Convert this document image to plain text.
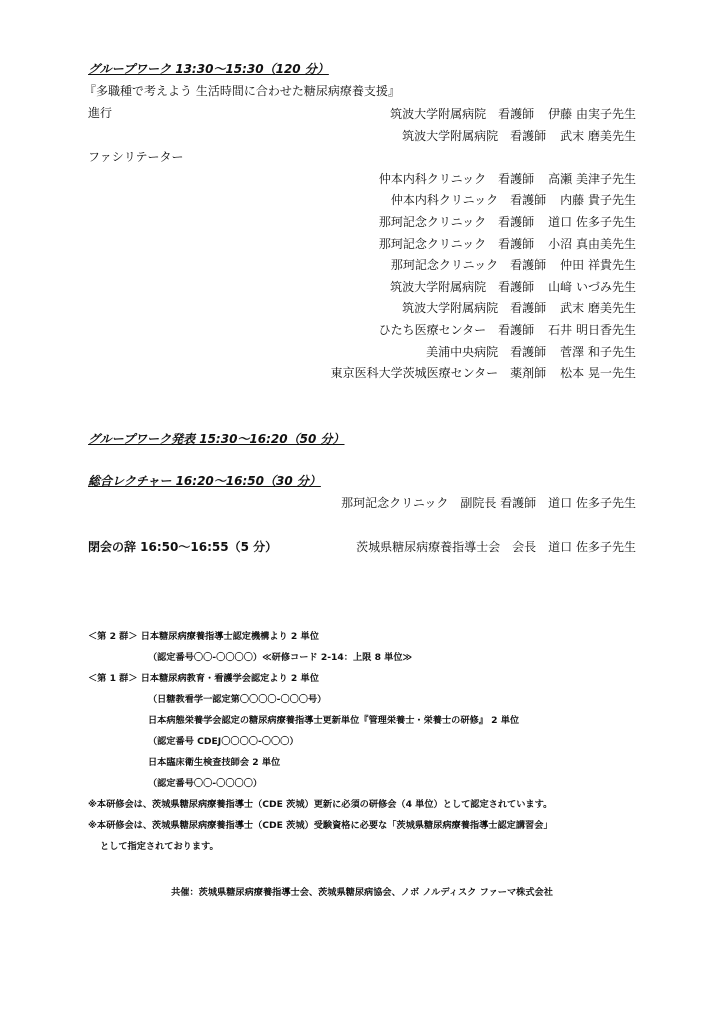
グループワーク 13:30～15:30（120 分）
『多職種で考えよう 生活時間に合わせた糖尿病療養支援』
進行
ファシリテーター
筑波大学附属病院 看護師 伊藤 由実子先生
筑波大学附属病院 看護師 武末 磨美先生
仲本内科クリニック 看護師 高瀬 美津子先生
仲本内科クリニック 看護師 内藤 貴子先生
那珂記念クリニック 看護師 道口 佐多子先生
那珂記念クリニック 看護師 小沼 真由美先生
那珂記念クリニック 看護師 仲田 祥貴先生
筑波大学附属病院 看護師 山﨑 いづみ先生
筑波大学附属病院 看護師 武末 磨美先生
ひたち医療センター 看護師 石井 明日香先生
美浦中央病院 看護師 菅澤 和子先生
東京医科大学茨城医療センター 薬剤師 松本 晃一先生
グループワーク発表 15:30～16:20（50 分）
総合レクチャー 16:20～16:50（30 分）
那珂記念クリニック 副院長 看護師 道口 佐多子先生
閉会の辞 16:50～16:55（5 分）	茨城県糖尿病療養指導士会 会長 道口 佐多子先生
＜第 2 群＞ 日本糖尿病療養指導士認定機構より 2 単位
（認定番号〇〇-〇〇〇〇）≪研修コード 2-14：上限 8 単位≫
＜第 1 群＞ 日本糖尿病教育・看護学会認定より 2 単位
（日糖教看学一認定第〇〇〇〇-〇〇〇号）
日本病態栄養学会認定の糖尿病療養指導士更新単位『管理栄養士・栄養士の研修』 2 単位
（認定番号 CDEJ〇〇〇〇-〇〇〇）
日本臨床衛生検査技師会 2 単位
（認定番号〇〇-〇〇〇〇）
※本研修会は、茨城県糖尿病療養指導士（CDE 茨城）更新に必須の研修会（4 単位）として認定されています。
※本研修会は、茨城県糖尿病療養指導士（CDE 茨城）受験資格に必要な「茨城県糖尿病療養指導士認定講習会」
として指定されております。
共催：茨城県糖尿病療養指導士会、茨城県糖尿病協会、ノボ ノルディスク ファーマ株式会社
